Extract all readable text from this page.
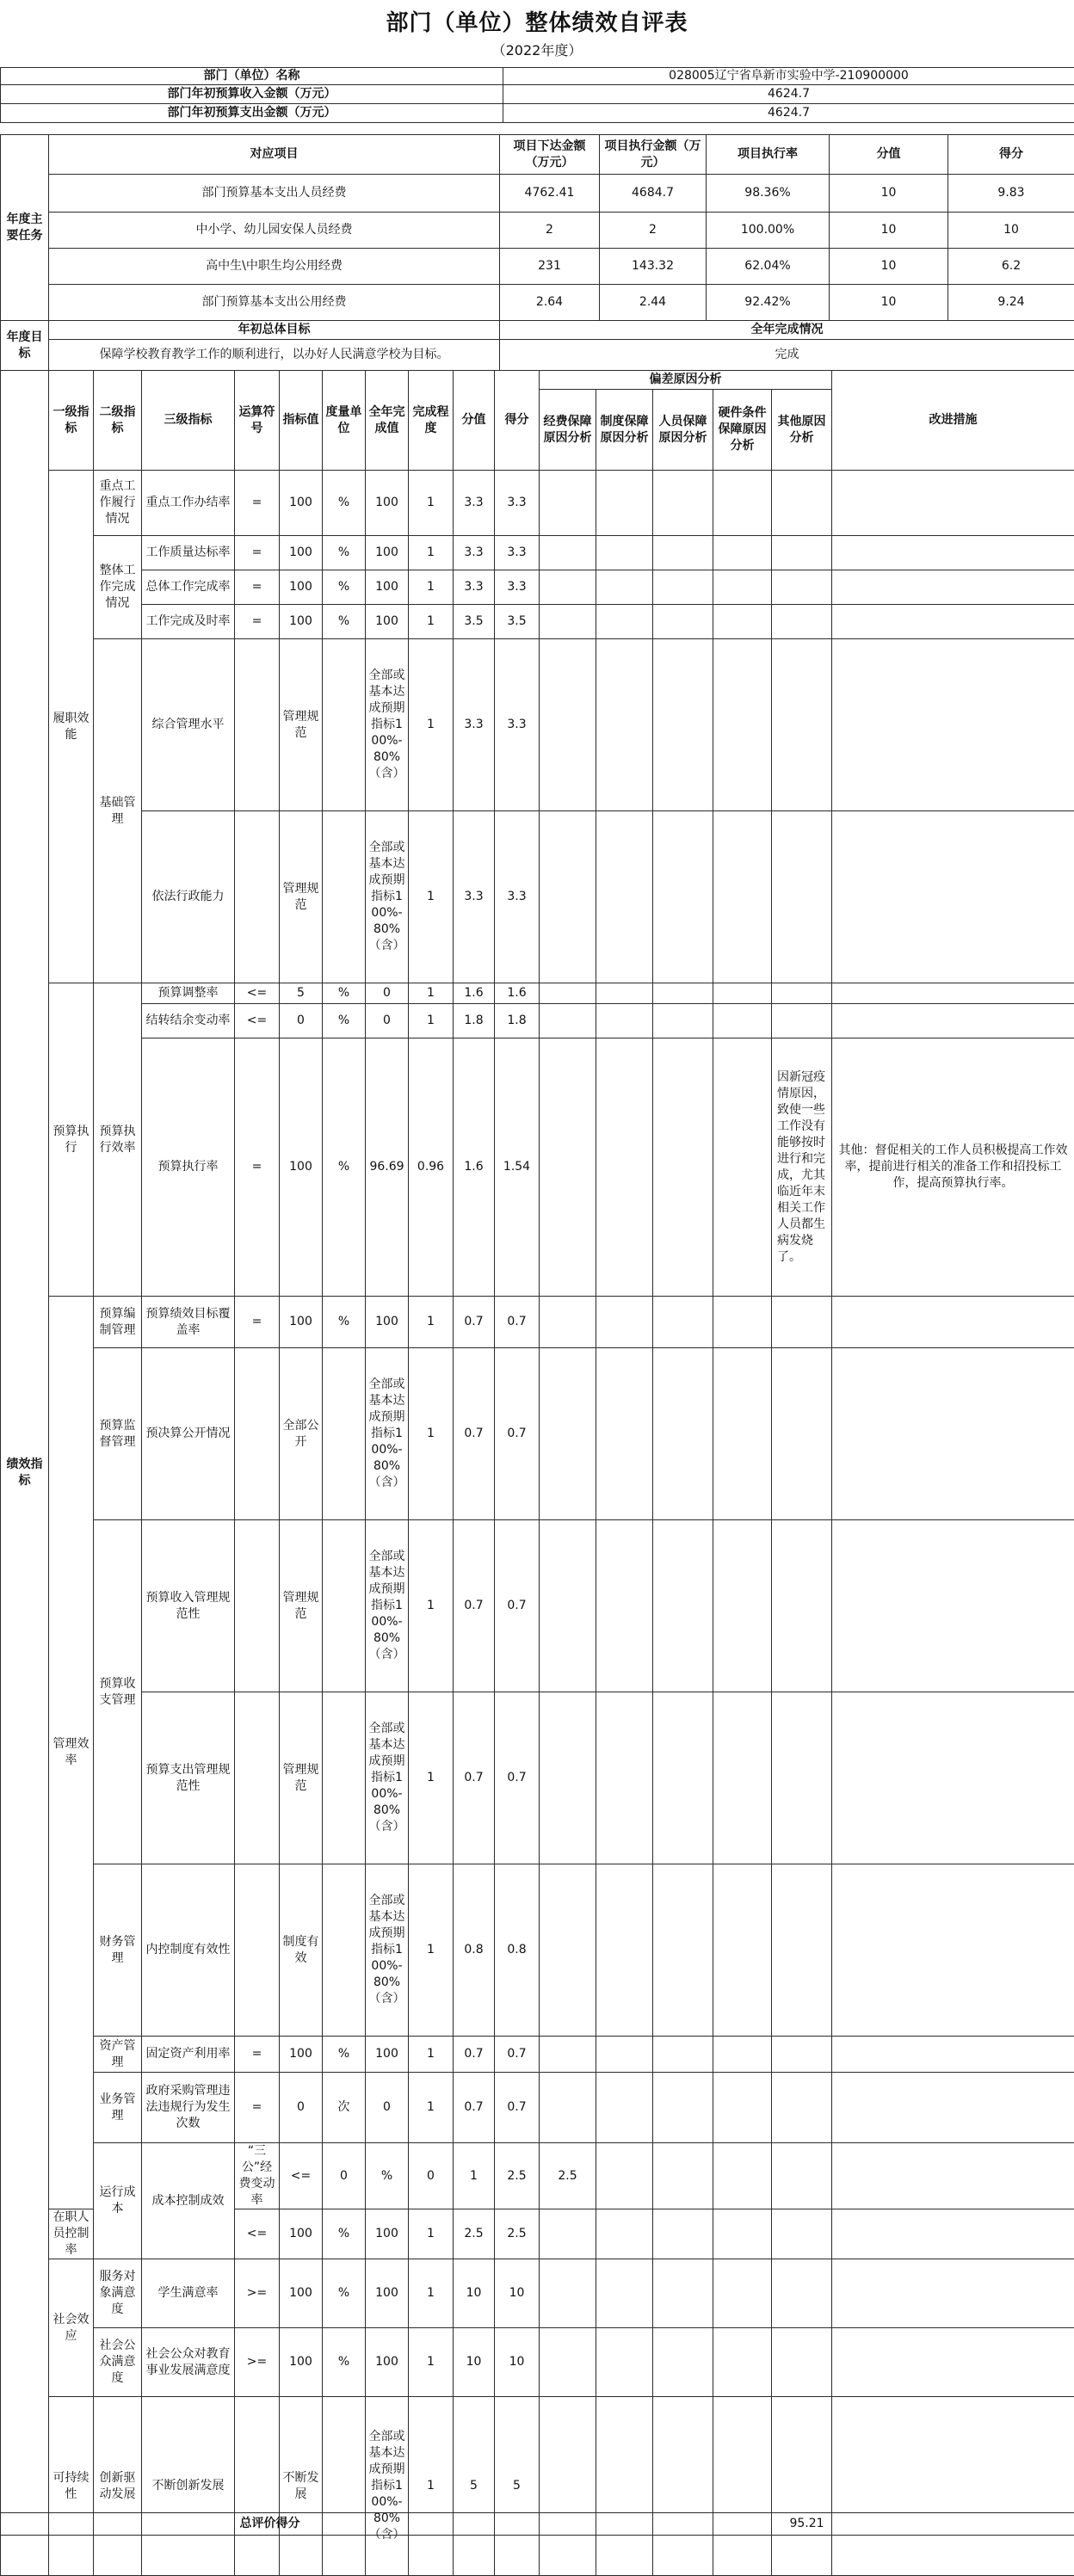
部门（单位）整体绩效自评表
（2022年度）
部门（单位）名称	028005辽宁省阜新市实验中学-210900000
部门年初预算收入金额（万元）	4624.7
部门年初预算支出金额（万元）	4624.7
年度主要任务	对应项目	项目下达金额（万元）	项目执行金额（万元）	项目执行率	分值	得分
	部门预算基本支出人员经费	4762.41	4684.7	98.36%	10	9.83
	中小学、幼儿园安保人员经费	2	2	100.00%	10	10
	高中生\中职生均公用经费	231	143.32	62.04%	10	6.2
	部门预算基本支出公用经费	2.64	2.44	92.42%	10	9.24
年度目标	年初总体目标	全年完成情况
	保障学校教育教学工作的顺利进行，以办好人民满意学校为目标。	完成
绩效指标	一级指标	二级指标	三级指标	运算符号	指标值	度量单位	全年完成值	完成程度	分值	得分	偏差原因分析					改进措施	
											经费保障原因分析	制度保障原因分析	人员保障原因分析	硬件条件保障原因分析	其他原因分析		
	履职效能	重点工作履行情况	重点工作办结率	=	100	%	100	1	3.3	3.3							
		整体工作完成情况	工作质量达标率	=	100	%	100	1	3.3	3.3							
			总体工作完成率	=	100	%	100	1	3.3	3.3							
			工作完成及时率	=	100	%	100	1	3.5	3.5							
		基础管理	综合管理水平		管理规范		全部或基本达成预期指标100%-80%（含）	1	3.3	3.3							
			依法行政能力		管理规范		全部或基本达成预期指标100%-80%（含）	1	3.3	3.3							
	预算执行	预算执行效率	预算调整率	<=	5	%	0	1	1.6	1.6							
			结转结余变动率	<=	0	%	0	1	1.8	1.8							
			预算执行率	=	100	%	96.69	0.96	1.6	1.54					因新冠疫情原因，致使一些工作没有能够按时进行和完成，尤其临近年末相关工作人员都生病发烧了。	其他：督促相关的工作人员积极提高工作效率，提前进行相关的准备工作和招投标工作，提高预算执行率。	
	管理效率	预算编制管理	预算绩效目标覆盖率	=	100	%	100	1	0.7	0.7							
		预算监督管理	预决算公开情况		全部公开		全部或基本达成预期指标100%-80%（含）	1	0.7	0.7							
		预算收支管理	预算收入管理规范性		管理规范		全部或基本达成预期指标100%-80%（含）	1	0.7	0.7							
			预算支出管理规范性		管理规范		全部或基本达成预期指标100%-80%（含）	1	0.7	0.7							
		财务管理	内控制度有效性		制度有效		全部或基本达成预期指标100%-80%（含）	1	0.8	0.8							
		资产管理	固定资产利用率	=	100	%	100	1	0.7	0.7							
		业务管理	政府采购管理违法违规行为发生次数	=	0	次	0	1	0.7	0.7							
		运行成本	成本控制成效	“三公”经费变动率	<=	0	%	0	1	2.5	2.5						
	在职人员控制率			<=	100	%	100	1	2.5	2.5							
	社会效应	服务对象满意度	学生满意率	>=	100	%	100	1	10	10							
		社会公众满意度	社会公众对教育事业发展满意度	>=	100	%	100	1	10	10							
	可持续性	创新驱动发展	不断创新发展		不断发展		全部或基本达成预期指标100%-80%（含）	1	5	5							
总评价得分	95.21
